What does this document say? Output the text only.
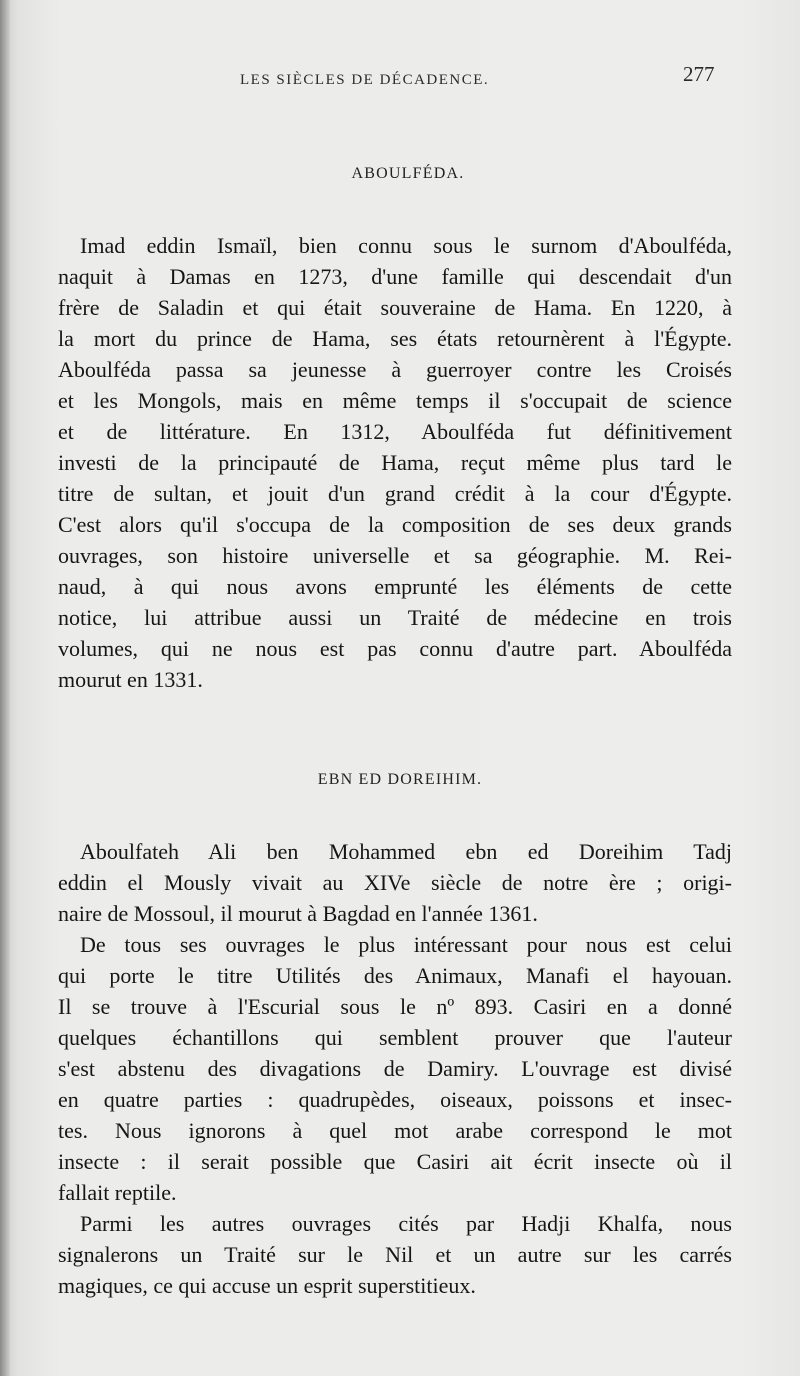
LES SIÈCLES DE DÉCADENCE.	277
ABOULFÉDA.
Imad eddin Ismaïl, bien connu sous le surnom d'Aboulféda,
naquit à Damas en 1273, d'une famille qui descendait d'un
frère de Saladin et qui était souveraine de Hama. En 1220, à
la mort du prince de Hama, ses états retournèrent à l'Égypte.
Aboulféda passa sa jeunesse à guerroyer contre les Croisés
et les Mongols, mais en même temps il s'occupait de science
et de littérature. En 1312, Aboulféda fut définitivement
investi de la principauté de Hama, reçut même plus tard le
titre de sultan, et jouit d'un grand crédit à la cour d'Égypte.
C'est alors qu'il s'occupa de la composition de ses deux grands
ouvrages, son histoire universelle et sa géographie. M. Rei-
naud, à qui nous avons emprunté les éléments de cette
notice, lui attribue aussi un Traité de médecine en trois
volumes, qui ne nous est pas connu d'autre part. Aboulféda
mourut en 1331.
EBN ED DOREIHIM.
Aboulfateh Ali ben Mohammed ebn ed Doreihim Tadj
eddin el Mously vivait au XIVe siècle de notre ère ; origi-
naire de Mossoul, il mourut à Bagdad en l'année 1361.
De tous ses ouvrages le plus intéressant pour nous est celui
qui porte le titre Utilités des Animaux, Manafi el hayouan.
Il se trouve à l'Escurial sous le nº 893. Casiri en a donné
quelques échantillons qui semblent prouver que l'auteur
s'est abstenu des divagations de Damiry. L'ouvrage est divisé
en quatre parties : quadrupèdes, oiseaux, poissons et insec-
tes. Nous ignorons à quel mot arabe correspond le mot
insecte : il serait possible que Casiri ait écrit insecte où il
fallait reptile.
Parmi les autres ouvrages cités par Hadji Khalfa, nous
signalerons un Traité sur le Nil et un autre sur les carrés
magiques, ce qui accuse un esprit superstitieux.
